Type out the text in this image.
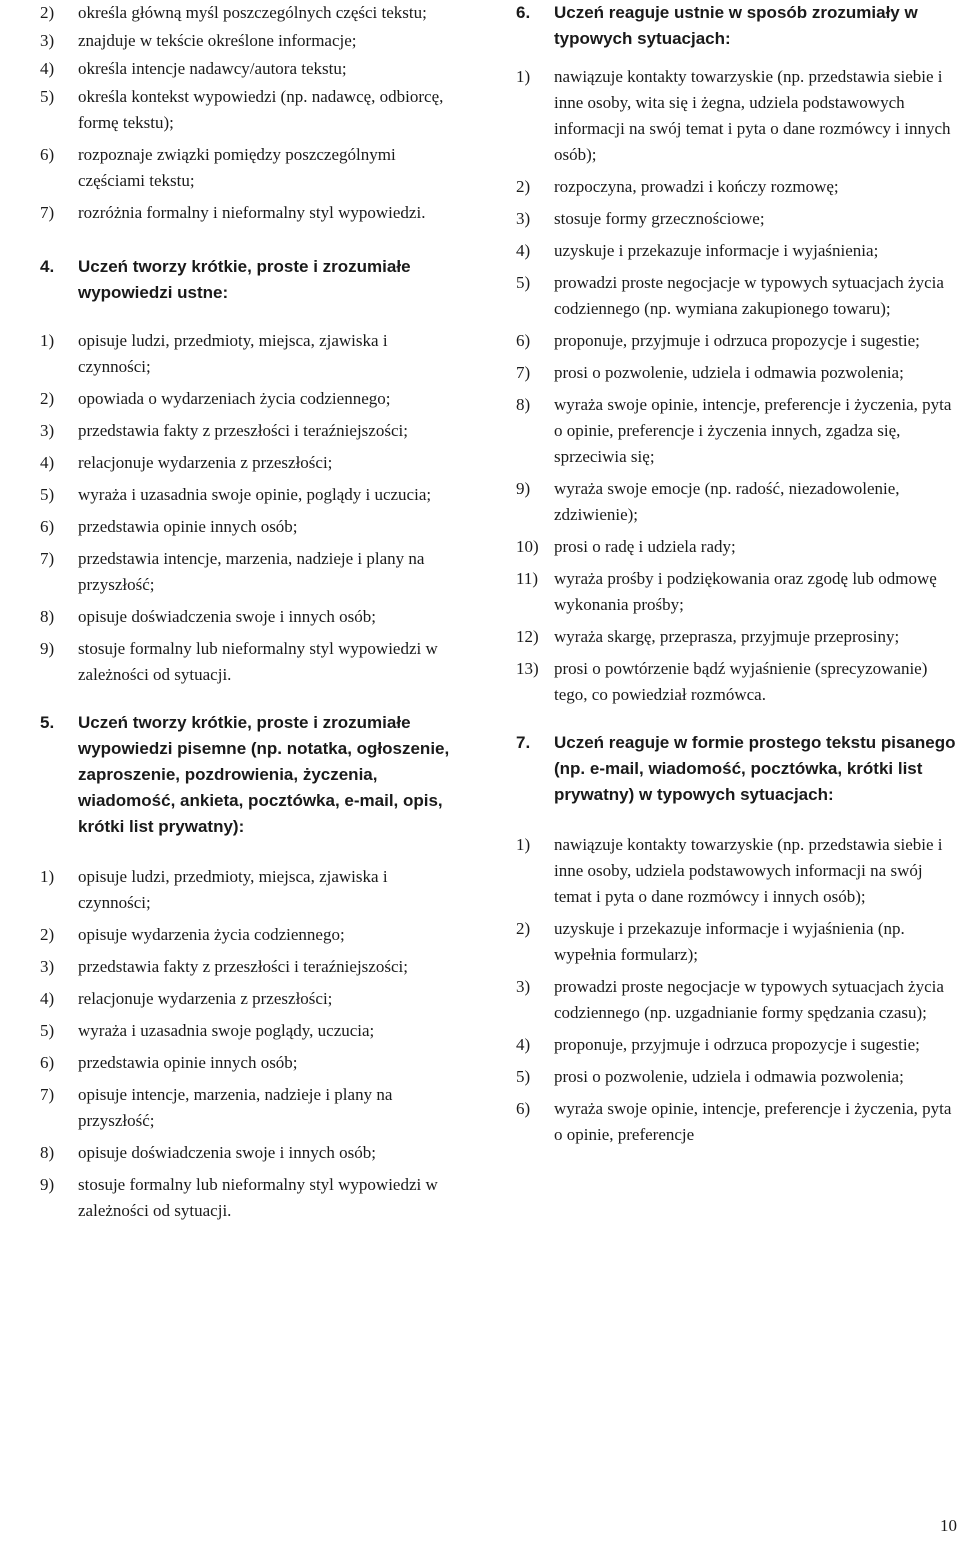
2)	określa główną myśl poszczególnych części tekstu;
3)	znajduje w tekście określone informacje;
4)	określa intencje nadawcy/autora tekstu;
5)	określa kontekst wypowiedzi (np. nadawcę, odbiorcę, formę tekstu);
6)	rozpoznaje związki pomiędzy poszczególnymi częściami tekstu;
7)	rozróżnia formalny i nieformalny styl wypowiedzi.
4.	Uczeń tworzy krótkie, proste i zrozumiałe wypowiedzi ustne:
1)	opisuje ludzi, przedmioty, miejsca, zjawiska i czynności;
2)	opowiada o wydarzeniach życia codziennego;
3)	przedstawia fakty z przeszłości i teraźniejszości;
4)	relacjonuje wydarzenia z przeszłości;
5)	wyraża i uzasadnia swoje opinie, poglądy i uczucia;
6)	przedstawia opinie innych osób;
7)	przedstawia intencje, marzenia, nadzieje i plany na przyszłość;
8)	opisuje doświadczenia swoje i innych osób;
9)	stosuje formalny lub nieformalny styl wypowiedzi w zależności od sytuacji.
5.	Uczeń tworzy krótkie, proste i zrozumiałe wypowiedzi pisemne (np. notatka, ogłoszenie, zaproszenie, pozdrowienia, życzenia, wiadomość, ankieta, pocztówka, e-mail, opis, krótki list prywatny):
1)	opisuje ludzi, przedmioty, miejsca, zjawiska i czynności;
2)	opisuje wydarzenia życia codziennego;
3)	przedstawia fakty z przeszłości i teraźniejszości;
4)	relacjonuje wydarzenia z przeszłości;
5)	wyraża i uzasadnia swoje poglądy, uczucia;
6)	przedstawia opinie innych osób;
7)	opisuje intencje, marzenia, nadzieje i plany na przyszłość;
8)	opisuje doświadczenia swoje i innych osób;
9)	stosuje formalny lub nieformalny styl wypowiedzi w zależności od sytuacji.
6.	Uczeń reaguje ustnie w sposób zrozumiały w typowych sytuacjach:
1)	nawiązuje kontakty towarzyskie (np. przedstawia siebie i inne osoby, wita się i żegna, udziela podstawowych informacji na swój temat i pyta o dane rozmówcy i innych osób);
2)	rozpoczyna, prowadzi i kończy rozmowę;
3)	stosuje formy grzecznościowe;
4)	uzyskuje i przekazuje informacje i wyjaśnienia;
5)	prowadzi proste negocjacje w typowych sytuacjach życia codziennego (np. wymiana zakupionego towaru);
6)	proponuje, przyjmuje i odrzuca propozycje i sugestie;
7)	prosi o pozwolenie, udziela i odmawia pozwolenia;
8)	wyraża swoje opinie, intencje, preferencje i życzenia, pyta o opinie, preferencje i życzenia innych, zgadza się, sprzeciwia się;
9)	wyraża swoje emocje (np. radość, niezadowolenie, zdziwienie);
10) prosi o radę i udziela rady;
11) wyraża prośby i podziękowania oraz zgodę lub odmowę wykonania prośby;
12) wyraża skargę, przeprasza, przyjmuje przeprosiny;
13) prosi o powtórzenie bądź wyjaśnienie (sprecyzowanie) tego, co powiedział rozmówca.
7.	Uczeń reaguje w formie prostego tekstu pisanego (np. e-mail, wiadomość, pocztówka, krótki list prywatny) w typowych sytuacjach:
1)	nawiązuje kontakty towarzyskie (np. przedstawia siebie i inne osoby, udziela podstawowych informacji na swój temat i pyta o dane rozmówcy i innych osób);
2)	uzyskuje i przekazuje informacje i wyjaśnienia (np. wypełnia formularz);
3)	prowadzi proste negocjacje w typowych sytuacjach życia codziennego (np. uzgadnianie formy spędzania czasu);
4)	proponuje, przyjmuje i odrzuca propozycje i sugestie;
5)	prosi o pozwolenie, udziela i odmawia pozwolenia;
6)	wyraża swoje opinie, intencje, preferencje i życzenia, pyta o opinie, preferencje
10
